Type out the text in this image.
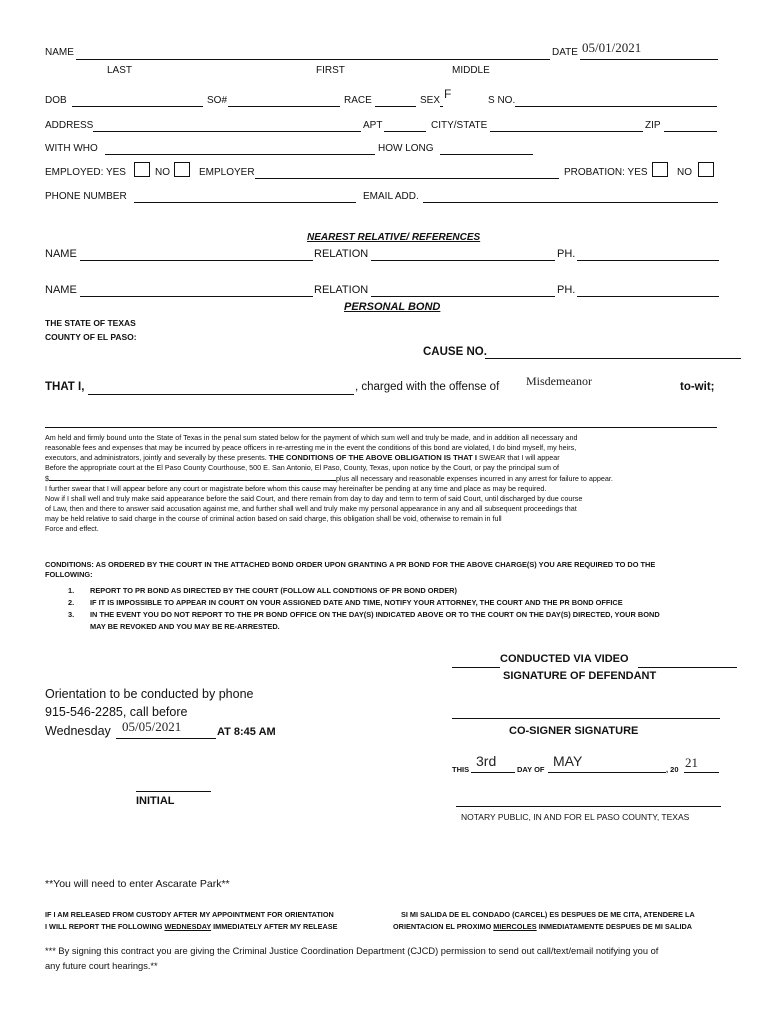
NAME	DATE 05/01/2021
LAST	FIRST	MIDDLE
DOB	SO#	RACE	SEX F	S NO.
ADDRESS	APT	CITY/STATE	ZIP
WITH WHO	HOW LONG
EMPLOYED: YES	NO	EMPLOYER	PROBATION: YES	NO
PHONE NUMBER	EMAIL ADD.
NEAREST RELATIVE/ REFERENCES
NAME	RELATION	PH.
NAME	RELATION	PH.
PERSONAL BOND
THE STATE OF TEXAS
COUNTY OF EL PASO:
CAUSE NO.
THAT I,	, charged with the offense of Misdemeanor	to-wit;
Am held and firmly bound unto the State of Texas in the penal sum stated below for the payment of which sum well and truly be made, and in addition all necessary and
reasonable fees and expenses that may be incurred by peace officers in re-arresting me in the event the conditions of this bond are violated, I do bind myself, my heirs,
executors, and administrators, jointly and severally by these presents. THE CONDITIONS OF THE ABOVE OBLIGATION IS THAT I SWEAR that I will appear
Before the appropriate court at the El Paso County Courthouse, 500 E. San Antonio, El Paso, County, Texas, upon notice by the Court, or pay the principal sum of
$	plus all necessary and reasonable expenses incurred in any arrest for failure to appear.
I further swear that I will appear before any court or magistrate before whom this cause may hereinafter be pending at any time and place as may be required.
Now if I shall well and truly make said appearance before the said Court, and there remain from day to day and term to term of said Court, until discharged by due course
of Law, then and there to answer said accusation against me, and further shall well and truly make my personal appearance in any and all subsequent proceedings that
may be held relative to said charge in the course of criminal action based on said charge, this obligation shall be void, otherwise to remain in full
Force and effect.
CONDITIONS: AS ORDERED BY THE COURT IN THE ATTACHED BOND ORDER UPON GRANTING A PR BOND FOR THE ABOVE CHARGE(S) YOU ARE REQUIRED TO DO THE
FOLLOWING:
1. REPORT TO PR BOND AS DIRECTED BY THE COURT (FOLLOW ALL CONDTIONS OF PR BOND ORDER)
2. IF IT IS IMPOSSIBLE TO APPEAR IN COURT ON YOUR ASSIGNED DATE AND TIME, NOTIFY YOUR ATTORNEY, THE COURT AND THE PR BOND OFFICE
3. IN THE EVENT YOU DO NOT REPORT TO THE PR BOND OFFICE ON THE DAY(S) INDICATED ABOVE OR TO THE COURT ON THE DAY(S) DIRECTED, YOUR BOND
MAY BE REVOKED AND YOU MAY BE RE-ARRESTED.
CONDUCTED VIA VIDEO
SIGNATURE OF DEFENDANT
CO-SIGNER SIGNATURE
THIS
3rd
DAY OF
MAY
, 20 21
NOTARY PUBLIC, IN AND FOR EL PASO COUNTY, TEXAS
Orientation to be conducted by phone
915-546-2285, call before
Wednesday 05/05/2021	AT 8:45 AM
INITIAL
**You will need to enter Ascarate Park**
IF I AM RELEASED FROM CUSTODY AFTER MY APPOINTMENT FOR ORIENTATION
I WILL REPORT THE FOLLOWING WEDNESDAY IMMEDIATELY AFTER MY RELEASE
SI MI SALIDA DE EL CONDADO (CARCEL) ES DESPUES DE ME CITA, ATENDERE LA
ORIENTACION EL PROXIMO MIERCOLES INMEDIATAMENTE DESPUES DE MI SALIDA
*** By signing this contract you are giving the Criminal Justice Coordination Department (CJCD) permission to send out call/text/email notifying you of
any future court hearings.**
